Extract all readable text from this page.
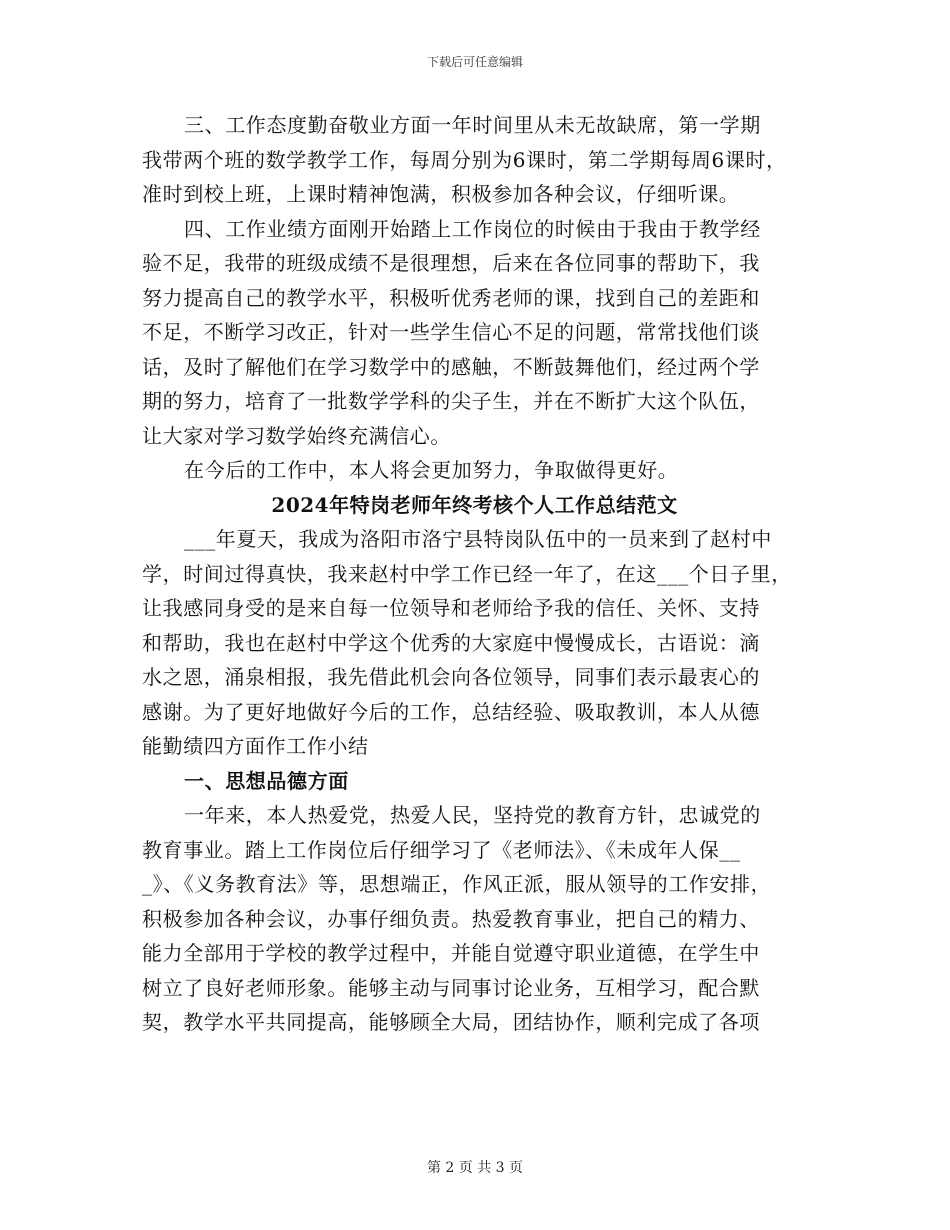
下载后可任意编辑
三、工作态度勤奋敬业方面一年时间里从未无故缺席，第一学期
我带两个班的数学教学工作，每周分别为6课时，第二学期每周6课时，
准时到校上班，上课时精神饱满，积极参加各种会议，仔细听课。
四、工作业绩方面刚开始踏上工作岗位的时候由于我由于教学经
验不足，我带的班级成绩不是很理想，后来在各位同事的帮助下，我
努力提高自己的教学水平，积极听优秀老师的课，找到自己的差距和
不足，不断学习改正，针对一些学生信心不足的问题，常常找他们谈
话，及时了解他们在学习数学中的感触，不断鼓舞他们，经过两个学
期的努力，培育了一批数学学科的尖子生，并在不断扩大这个队伍，
让大家对学习数学始终充满信心。
在今后的工作中，本人将会更加努力，争取做得更好。
2024年特岗老师年终考核个人工作总结范文
___年夏天，我成为洛阳市洛宁县特岗队伍中的一员来到了赵村中
学，时间过得真快，我来赵村中学工作已经一年了，在这___个日子里，
让我感同身受的是来自每一位领导和老师给予我的信任、关怀、支持
和帮助，我也在赵村中学这个优秀的大家庭中慢慢成长，古语说：滴
水之恩，涌泉相报，我先借此机会向各位领导，同事们表示最衷心的
感谢。为了更好地做好今后的工作，总结经验、吸取教训，本人从德
能勤绩四方面作工作小结
一、思想品德方面
一年来，本人热爱党，热爱人民，坚持党的教育方针，忠诚党的
教育事业。踏上工作岗位后仔细学习了《老师法》、《未成年人保__
_》、《义务教育法》等，思想端正，作风正派，服从领导的工作安排，
积极参加各种会议，办事仔细负责。热爱教育事业，把自己的精力、
能力全部用于学校的教学过程中，并能自觉遵守职业道德，在学生中
树立了良好老师形象。能够主动与同事讨论业务，互相学习，配合默
契，教学水平共同提高，能够顾全大局，团结协作，顺利完成了各项
第 2 页 共 3 页
